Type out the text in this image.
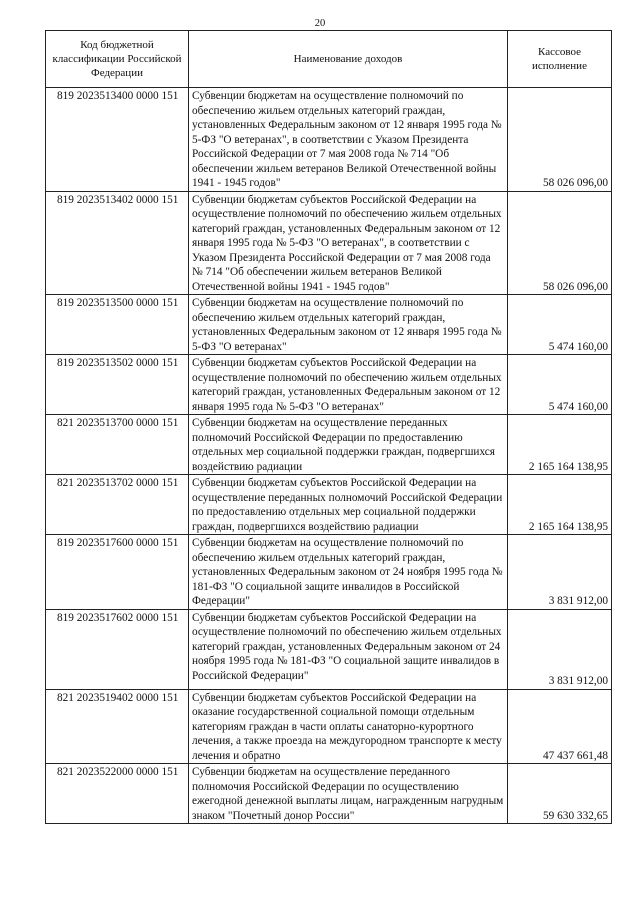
20
Код бюджетной классификации Российской Федерации	Наименование доходов	Кассовое исполнение
819 2023513400 0000 151	Субвенции бюджетам на осуществление полномочий по обеспечению жильем отдельных категорий граждан, установленных Федеральным законом от 12 января 1995 года № 5-ФЗ "О ветеранах", в соответствии с Указом Президента Российской Федерации от 7 мая 2008 года № 714 "Об обеспечении жильем ветеранов Великой Отечественной войны 1941 - 1945 годов"	58 026 096,00
819 2023513402 0000 151	Субвенции бюджетам субъектов Российской Федерации на осуществление полномочий по обеспечению жильем отдельных категорий граждан, установленных Федеральным законом от 12 января 1995 года № 5-ФЗ "О ветеранах", в соответствии с Указом Президента Российской Федерации от 7 мая 2008 года № 714 "Об обеспечении жильем ветеранов Великой Отечественной войны 1941 - 1945 годов"	58 026 096,00
819 2023513500 0000 151	Субвенции бюджетам на осуществление полномочий по обеспечению жильем отдельных категорий граждан, установленных Федеральным законом от 12 января 1995 года № 5-ФЗ "О ветеранах"	5 474 160,00
819 2023513502 0000 151	Субвенции бюджетам субъектов Российской Федерации на осуществление полномочий по обеспечению жильем отдельных категорий граждан, установленных Федеральным законом от 12 января 1995 года № 5-ФЗ "О ветеранах"	5 474 160,00
821 2023513700 0000 151	Субвенции бюджетам на осуществление переданных полномочий Российской Федерации по предоставлению отдельных мер социальной поддержки граждан, подвергшихся воздействию радиации	2 165 164 138,95
821 2023513702 0000 151	Субвенции бюджетам субъектов Российской Федерации на осуществление переданных полномочий Российской Федерации по предоставлению отдельных мер социальной поддержки граждан, подвергшихся воздействию радиации	2 165 164 138,95
819 2023517600 0000 151	Субвенции бюджетам на осуществление полномочий по обеспечению жильем отдельных категорий граждан, установленных Федеральным законом от 24 ноября 1995 года № 181-ФЗ "О социальной защите инвалидов в Российской Федерации"	3 831 912,00
819 2023517602 0000 151	Субвенции бюджетам субъектов Российской Федерации на осуществление полномочий по обеспечению жильем отдельных категорий граждан, установленных Федеральным законом от 24 ноября 1995 года № 181-ФЗ "О социальной защите инвалидов в Российской Федерации"	3 831 912,00
821 2023519402 0000 151	Субвенции бюджетам субъектов Российской Федерации на оказание государственной социальной помощи отдельным категориям граждан в части оплаты санаторно-курортного лечения, а также проезда на междугородном транспорте к месту лечения и обратно	47 437 661,48
821 2023522000 0000 151	Субвенции бюджетам на осуществление переданного полномочия Российской Федерации по осуществлению ежегодной денежной выплаты лицам, награжденным нагрудным знаком "Почетный донор России"	59 630 332,65
